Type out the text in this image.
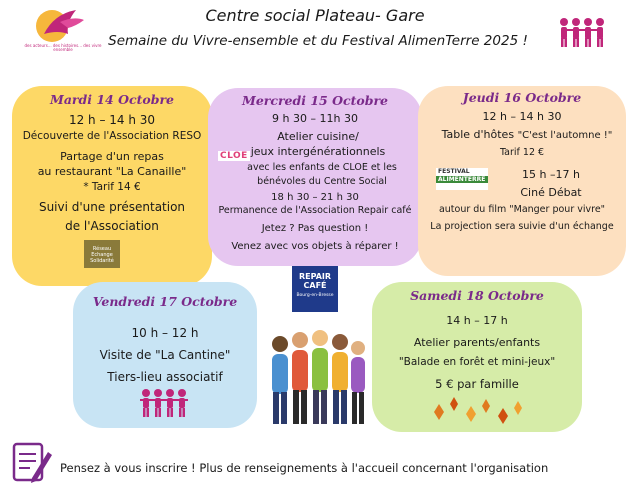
des acteurs... des histoires... des vivre ensemble
Centre social Plateau- Gare
Semaine du Vivre-ensemble et du Festival AlimenTerre 2025 !
Mardi 14 Octobre
12 h – 14 h 30
Découverte de l'Association RESO
Partage d'un repas
au restaurant "La Canaille"
* Tarif 14 €
Suivi d'une présentation
de l'Association
Réseau Echange Solidarité
Mercredi 15 Octobre
9 h 30 – 11h 30
Atelier cuisine/
jeux intergénérationnels
avec les enfants de CLOE et les
bénévoles du Centre Social
18 h 30 – 21 h 30
Permanence de l'Association Repair café
Jetez ? Pas question !
Venez avec vos objets à réparer !
CLOE
Jeudi 16 Octobre
12 h – 14 h 30
Table d'hôtes "C'est l'automne !"
Tarif 12 €
FESTIVAL
ALIMENTERRE	15 h –17 h
Ciné Débat
autour du film "Manger pour vivre"
La projection sera suivie d'un échange
REPAIR
CAFÉ
Bourg-en-Bresse
Vendredi 17 Octobre
10 h – 12 h
Visite de "La Cantine"
Tiers-lieu associatif
Samedi 18 Octobre
14 h – 17 h
Atelier parents/enfants
"Balade en forêt et mini-jeux"
5 € par famille
Pensez à vous inscrire ! Plus de renseignements à l'accueil concernant l'organisation
